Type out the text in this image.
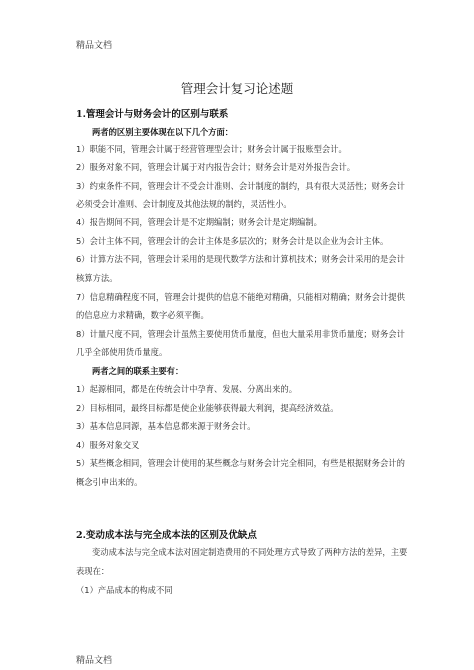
精品文档
管理会计复习论述题
1.管理会计与财务会计的区别与联系
两者的区别主要体现在以下几个方面：
1）职能不同，管理会计属于经营管理型会计；财务会计属于报账型会计。
2）服务对象不同，管理会计属于对内报告会计；财务会计是对外报告会计。
3）约束条件不同，管理会计不受会计准则、会计制度的制约，具有很大灵活性；财务会计
必须受会计准则、会计制度及其他法规的制约，灵活性小。
4）报告期间不同，管理会计是不定期编制；财务会计是定期编制。
5）会计主体不同，管理会计的会计主体是多层次的；财务会计是以企业为会计主体。
6）计算方法不同，管理会计采用的是现代数学方法和计算机技术；财务会计采用的是会计
核算方法。
7）信息精确程度不同，管理会计提供的信息不能绝对精确，只能相对精确；财务会计提供
的信息应力求精确，数字必须平衡。
8）计量尺度不同，管理会计虽然主要使用货币量度，但也大量采用非货币量度；财务会计
几乎全部使用货币量度。
两者之间的联系主要有：
1）起源相同，都是在传统会计中孕育、发展、分离出来的。
2）目标相同，最终目标都是使企业能够获得最大利润，提高经济效益。
3）基本信息同源，基本信息都来源于财务会计。
4）服务对象交叉
5）某些概念相同，管理会计使用的某些概念与财务会计完全相同，有些是根据财务会计的
概念引申出来的。
2.变动成本法与完全成本法的区别及优缺点
变动成本法与完全成本法对固定制造费用的不同处理方式导致了两种方法的差异，主要
表现在：
（1）产品成本的构成不同
精品文档
